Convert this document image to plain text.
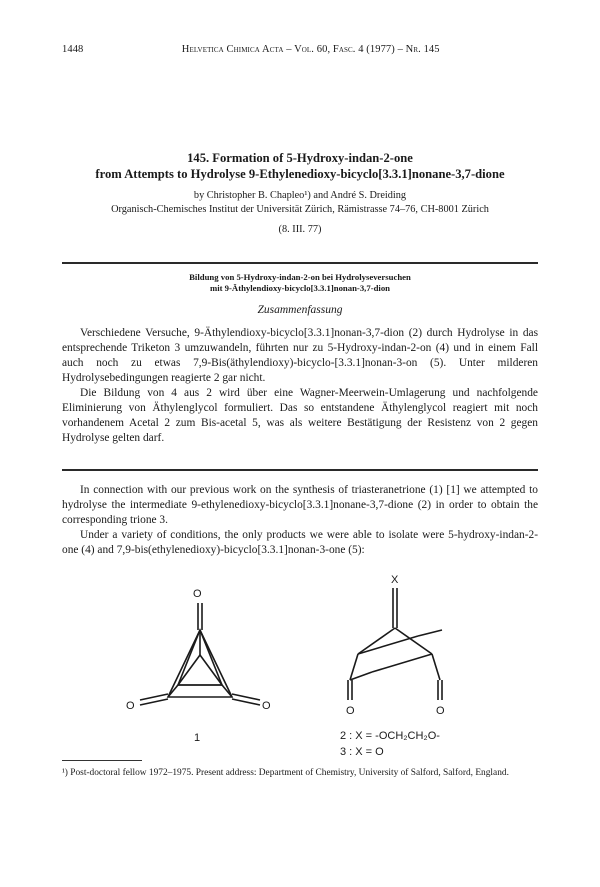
1448	Helvetica Chimica Acta – Vol. 60, Fasc. 4 (1977) – Nr. 145
145. Formation of 5-Hydroxy-indan-2-one
from Attempts to Hydrolyse 9-Ethylenedioxy-bicyclo[3.3.1]nonane-3,7-dione
by Christopher B. Chapleo¹) and André S. Dreiding
Organisch-Chemisches Institut der Universität Zürich, Rämistrasse 74–76, CH-8001 Zürich
(8. III. 77)
Bildung von 5-Hydroxy-indan-2-on bei Hydrolyseversuchen
mit 9-Äthylendioxy-bicyclo[3.3.1]nonan-3,7-dion
Zusammenfassung

Verschiedene Versuche, 9-Äthylendioxy-bicyclo[3.3.1]nonan-3,7-dion (2) durch Hydrolyse in das entsprechende Triketon 3 umzuwandeln, führten nur zu 5-Hydroxy-indan-2-on (4) und in einem Fall auch noch zu etwas 7,9-Bis(äthylendioxy)-bicyclo-[3.3.1]nonan-3-on (5). Unter milderen Hydrolysebedingungen reagierte 2 gar nicht.

Die Bildung von 4 aus 2 wird über eine Wagner-Meerwein-Umlagerung und nachfolgende Eliminierung von Äthylenglycol formuliert. Das so entstandene Äthylenglycol reagiert mit noch vorhandenem Acetal 2 zum Bis-acetal 5, was als weitere Bestätigung der Resistenz von 2 gegen Hydrolyse gelten darf.

In connection with our previous work on the synthesis of triasteranetrione (1) [1] we attempted to hydrolyse the intermediate 9-ethylenedioxy-bicyclo[3.3.1]nonane-3,7-dione (2) in order to obtain the corresponding trione 3.

Under a variety of conditions, the only products we were able to isolate were 5-hydroxy-indan-2-one (4) and 7,9-bis(ethylenedioxy)-bicyclo[3.3.1]nonan-3-one (5):

O
O	O
1
X
O	O
2 : X = -OCH₂CH₂O-
3 : X = O
¹) Post-doctoral fellow 1972–1975. Present address: Department of Chemistry, University of Salford, Salford, England.
